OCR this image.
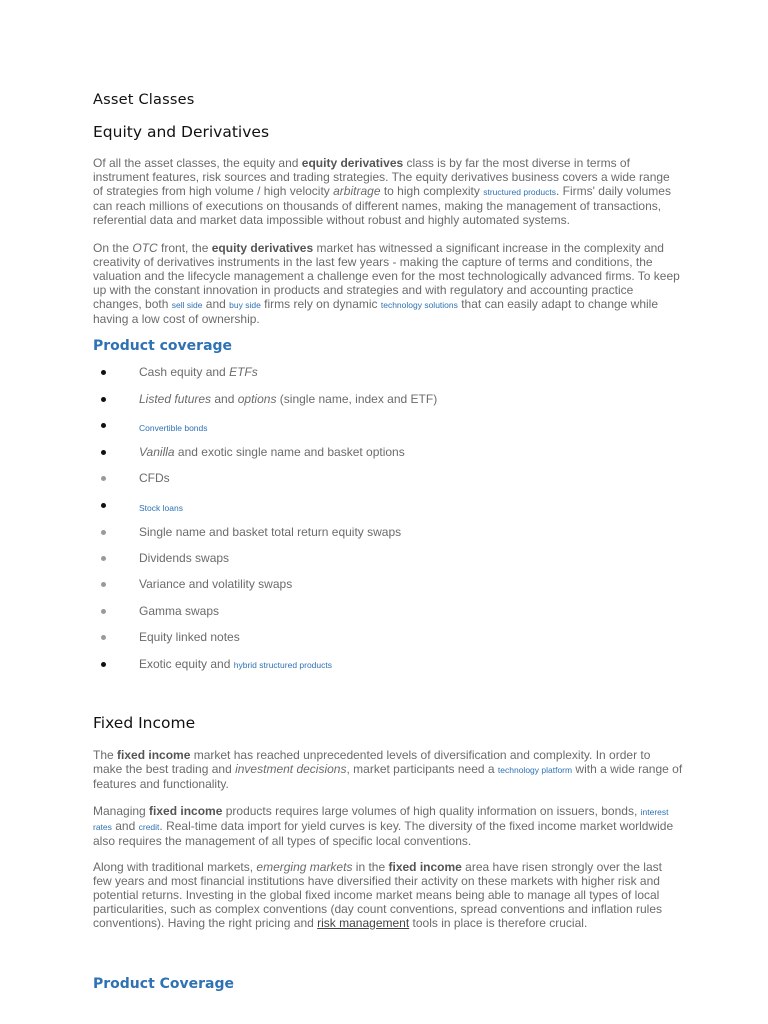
Asset Classes
Equity and Derivatives

Of all the asset classes, the equity and equity derivatives class is by far the most diverse in terms of instrument features, risk sources and trading strategies. The equity derivatives business covers a wide range of strategies from high volume / high velocity arbitrage to high complexity structured products. Firms' daily volumes can reach millions of executions on thousands of different names, making the management of transactions, referential data and market data impossible without robust and highly automated systems.

On the OTC front, the equity derivatives market has witnessed a significant increase in the complexity and creativity of derivatives instruments in the last few years - making the capture of terms and conditions, the valuation and the lifecycle management a challenge even for the most technologically advanced firms. To keep up with the constant innovation in products and strategies and with regulatory and accounting practice changes, both sell side and buy side firms rely on dynamic technology solutions that can easily adapt to change while having a low cost of ownership.

Product coverage
Cash equity and ETFs
Listed futures and options (single name, index and ETF)
Convertible bonds
Vanilla and exotic single name and basket options
CFDs
Stock loans
Single name and basket total return equity swaps
Dividends swaps
Variance and volatility swaps
Gamma swaps
Equity linked notes
Exotic equity and hybrid structured products
Fixed Income

The fixed income market has reached unprecedented levels of diversification and complexity. In order to make the best trading and investment decisions, market participants need a technology platform with a wide range of features and functionality.

Managing fixed income products requires large volumes of high quality information on issuers, bonds, interest rates and credit. Real-time data import for yield curves is key. The diversity of the fixed income market worldwide also requires the management of all types of specific local conventions.

Along with traditional markets, emerging markets in the fixed income area have risen strongly over the last few years and most financial institutions have diversified their activity on these markets with higher risk and potential returns. Investing in the global fixed income market means being able to manage all types of local particularities, such as complex conventions (day count conventions, spread conventions and inflation rules conventions). Having the right pricing and risk management tools in place is therefore crucial.

Product Coverage
